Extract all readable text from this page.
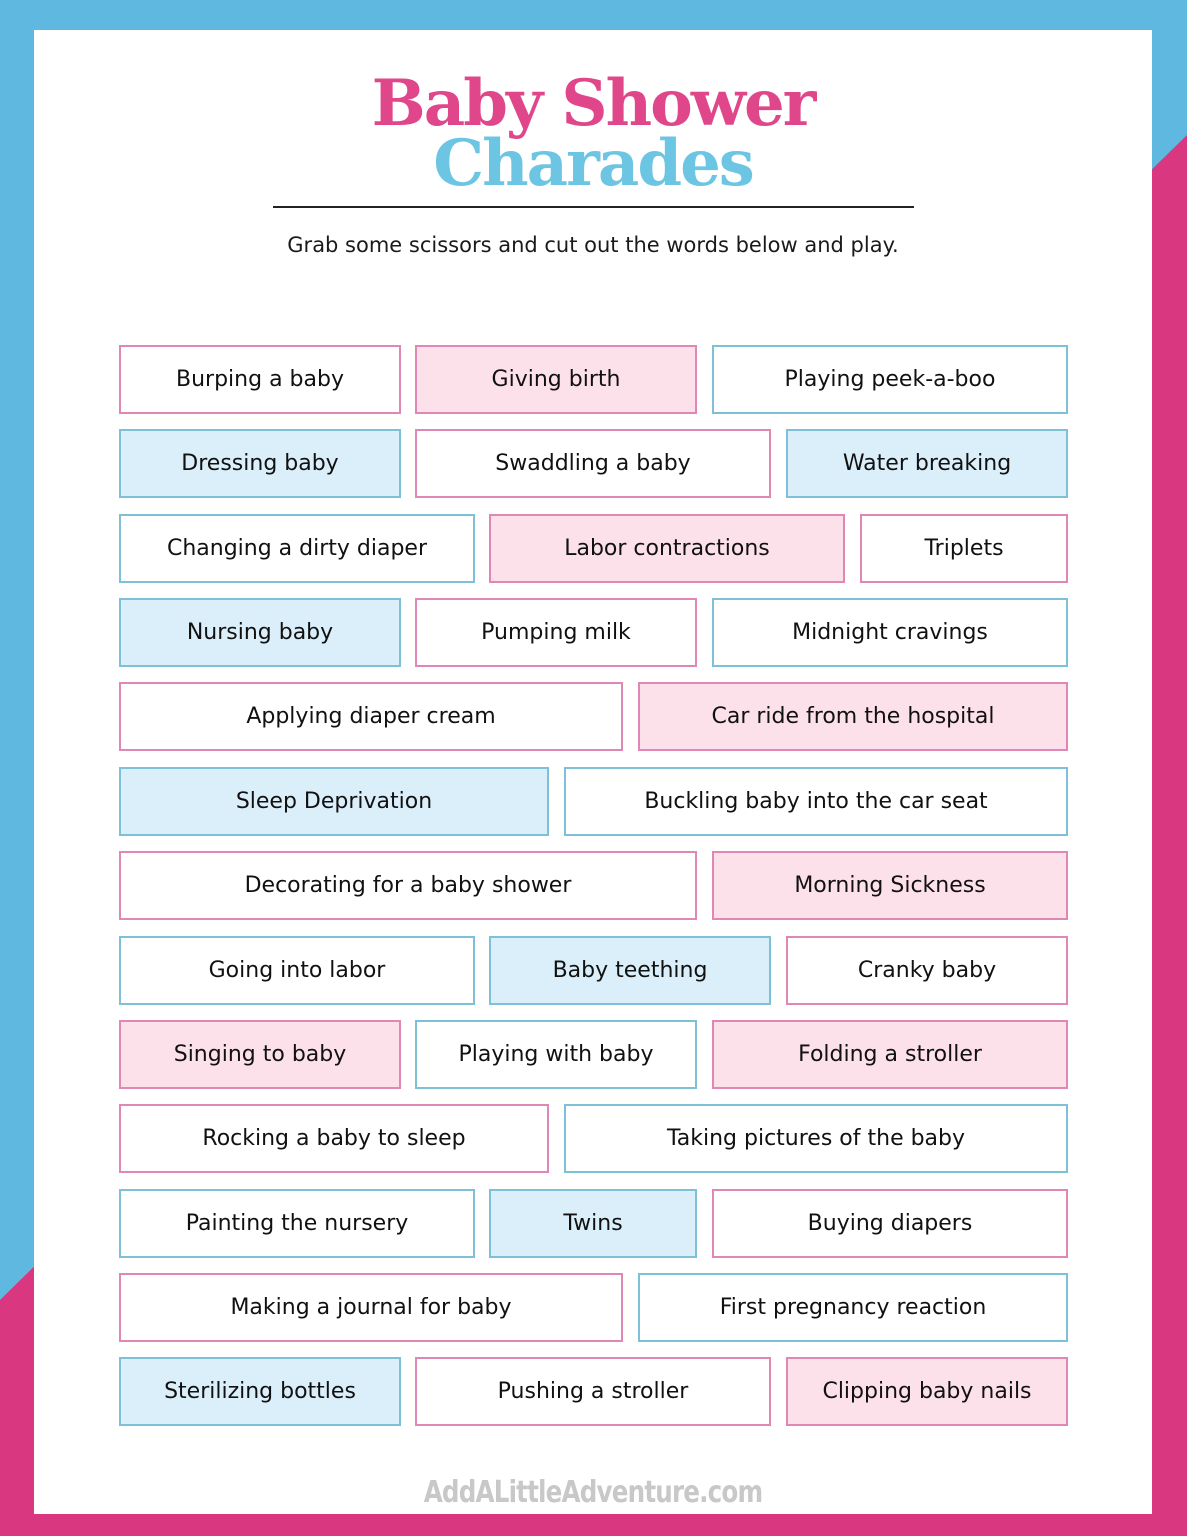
Baby Shower
Charades

Grab some scissors and cut out the words below and play.

Burping a baby	Giving birth	Playing peek-a-boo
Dressing baby	Swaddling a baby	Water breaking
Changing a dirty diaper	Labor contractions	Triplets
Nursing baby	Pumping milk	Midnight cravings
Applying diaper cream	Car ride from the hospital
Sleep Deprivation	Buckling baby into the car seat
Decorating for a baby shower	Morning Sickness
Going into labor	Baby teething	Cranky baby
Singing to baby	Playing with baby	Folding a stroller
Rocking a baby to sleep	Taking pictures of the baby
Painting the nursery	Twins	Buying diapers
Making a journal for baby	First pregnancy reaction
Sterilizing bottles	Pushing a stroller	Clipping baby nails

AddALittleAdventure.com
